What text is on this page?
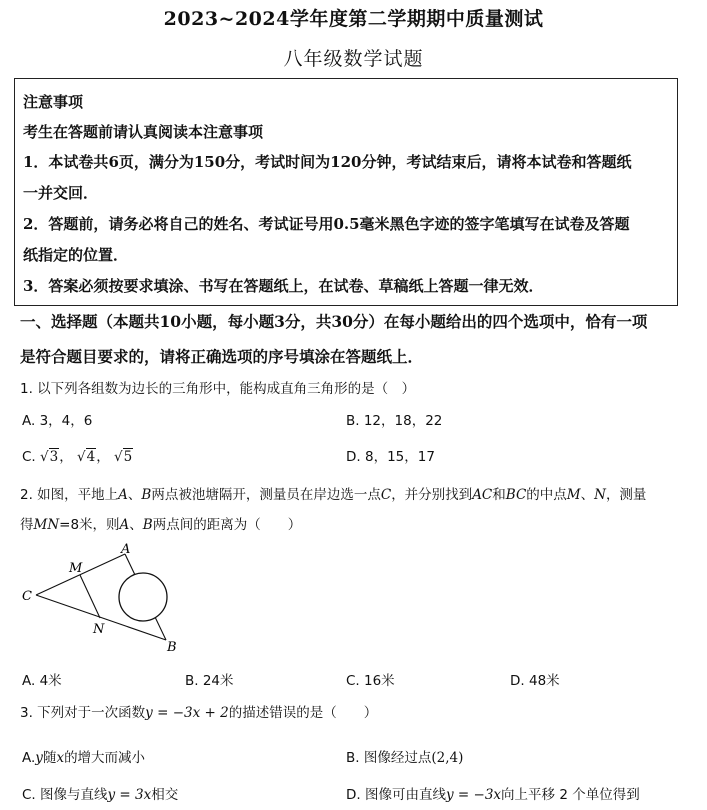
2023~2024学年度第二学期期中质量测试
八年级数学试题
注意事项
考生在答题前请认真阅读本注意事项
1．本试卷共6页，满分为150分，考试时间为120分钟，考试结束后，请将本试卷和答题纸
一并交回．
2．答题前，请务必将自己的姓名、考试证号用0.5毫米黑色字迹的签字笔填写在试卷及答题
纸指定的位置．
3．答案必须按要求填涂、书写在答题纸上，在试卷、草稿纸上答题一律无效．
一、选择题（本题共10小题，每小题3分，共30分）在每小题给出的四个选项中，恰有一项
是符合题目要求的，请将正确选项的序号填涂在答题纸上．
1. 以下列各组数为边长的三角形中，能构成直角三角形的是（　）
A. 3，4，6	B. 12，18，22
C. √3， √4， √5	D. 8，15，17
2. 如图，平地上A、B两点被池塘隔开，测量员在岸边选一点C，并分别找到AC和BC的中点M、N，测量
得MN=8米，则A、B两点间的距离为（　　）
A
B
C
M
N
A. 4米	B. 24米	C. 16米	D. 48米
3. 下列对于一次函数y = −3x + 2的描述错误的是（　　）
A.y随x的增大而减小	B. 图像经过点(2,4)
C. 图像与直线y = 3x相交	D. 图像可由直线y = −3x向上平移 2 个单位得到
